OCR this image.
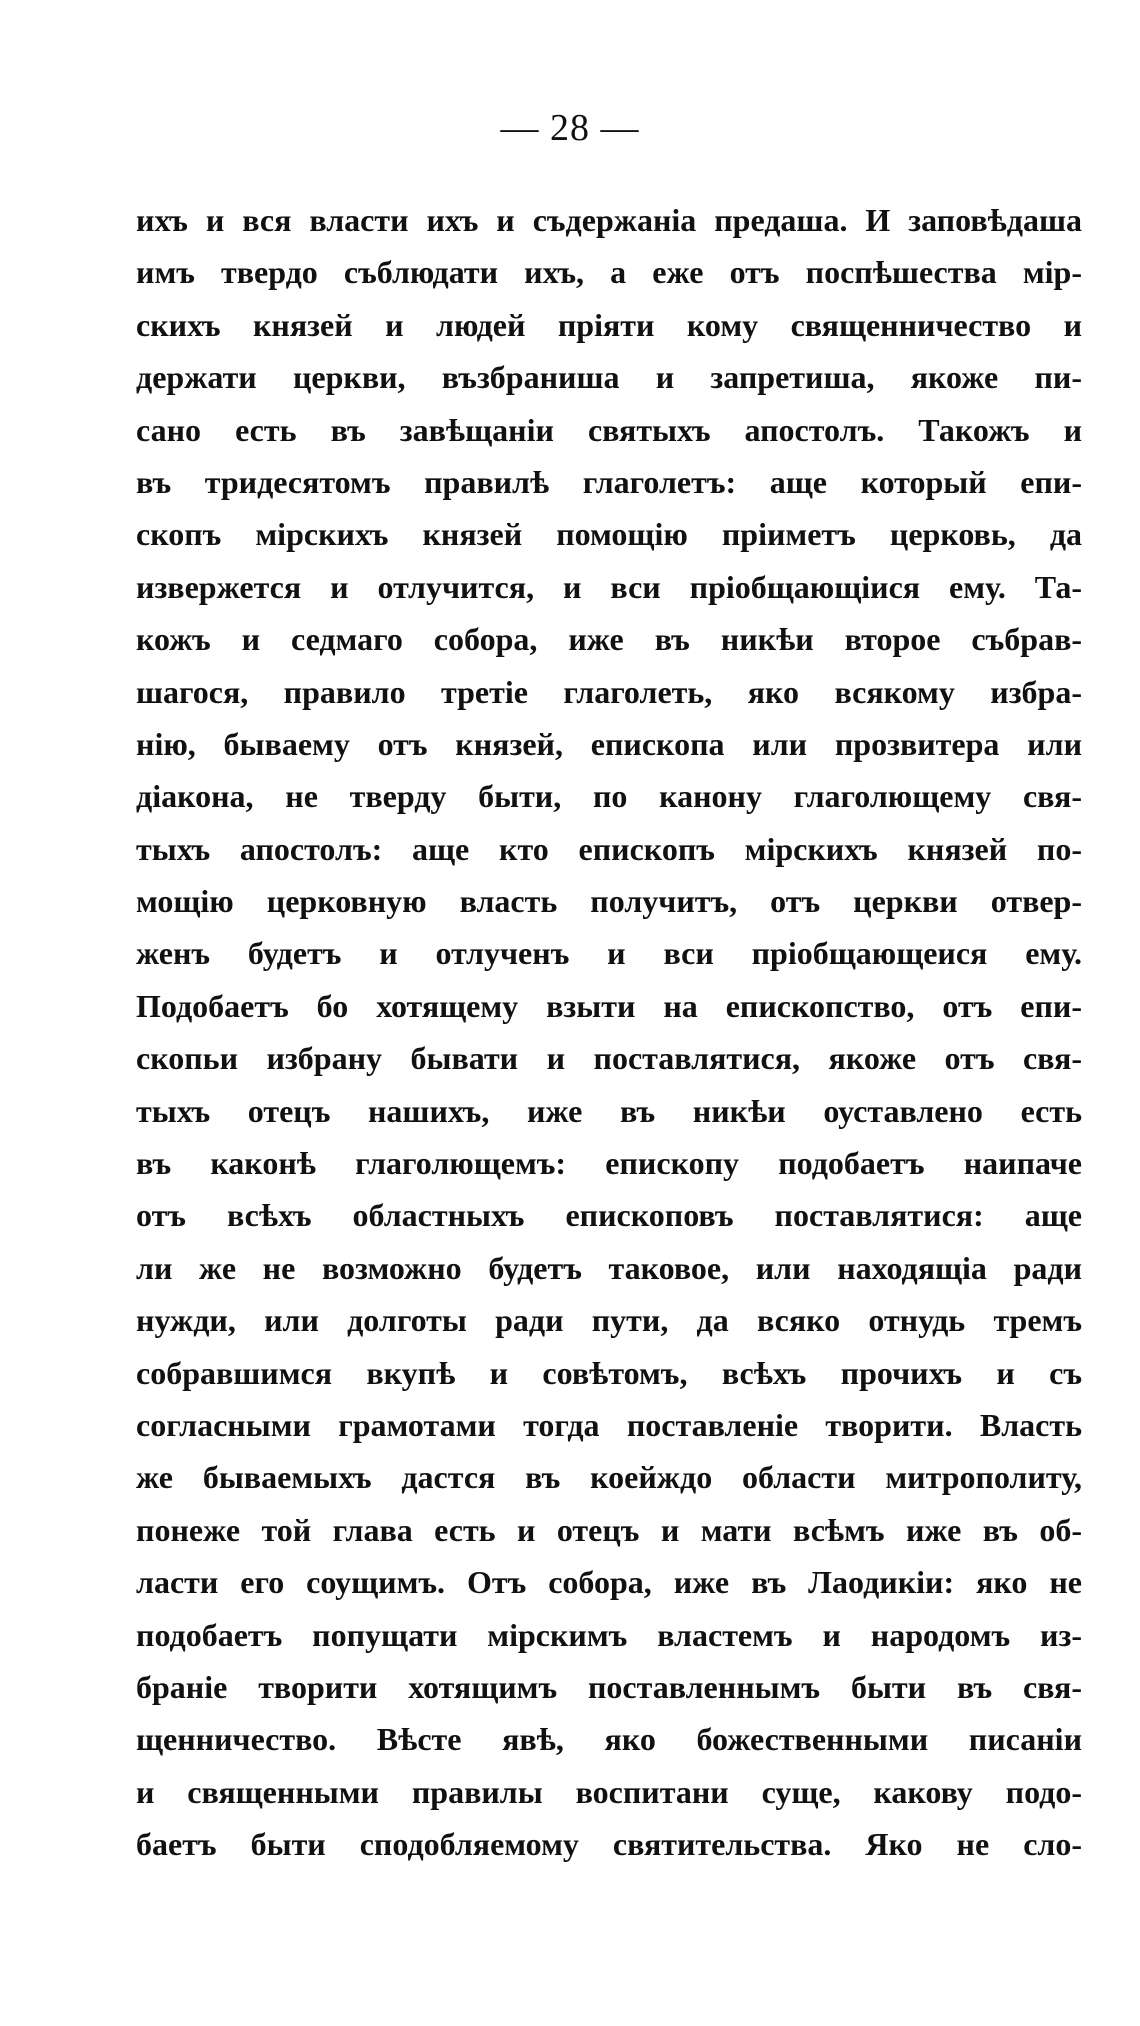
— 28 —
ихъ и вся власти ихъ и съдержаніа предаша. И заповѣдаша
имъ твердо съблюдати ихъ, а еже отъ поспѣшества мір-
скихъ князей и людей пріяти кому священничество и
держати церкви, възбраниша и запретиша, якоже пи-
сано есть въ завѣщаніи святыхъ апостолъ. Такожъ и
въ тридесятомъ правилѣ глаголетъ: аще который епи-
скопъ мірскихъ князей помощію пріиметъ церковь, да
извержется и отлучится, и вси пріобщающіися ему. Та-
кожъ и седмаго собора, иже въ никѣи второе събрав-
шагося, правило третіе глаголеть, яко всякому избра-
нію, бываему отъ князей, епископа или прозвитера или
діакона, не тверду быти, по канону глаголющему свя-
тыхъ апостолъ: аще кто епископъ мірскихъ князей по-
мощію церковную власть получитъ, отъ церкви отвер-
женъ будетъ и отлученъ и вси пріобщающеися ему.
Подобаетъ бо хотящему взыти на епископство, отъ епи-
скопьи избрану бывати и поставлятися, якоже отъ свя-
тыхъ отецъ нашихъ, иже въ никѣи оуставлено есть
въ каконѣ глаголющемъ: епископу подобаетъ наипаче
отъ всѣхъ областныхъ епископовъ поставлятися: аще
ли же не возможно будетъ таковое, или находящіа ради
нужди, или долготы ради пути, да всяко отнудь тремъ
собравшимся вкупѣ и совѣтомъ, всѣхъ прочихъ и съ
согласными грамотами тогда поставленіе творити. Власть
же бываемыхъ дастся въ коейждо области митрополиту,
понеже той глава есть и отецъ и мати всѣмъ иже въ об-
ласти его соущимъ. Отъ собора, иже въ Лаодикіи: яко не
подобаетъ попущати мірскимъ властемъ и народомъ из-
браніе творити хотящимъ поставленнымъ быти въ свя-
щенничество. Вѣсте явѣ, яко божественными писаніи
и священными правилы воспитани суще, какову подо-
баетъ быти сподобляемому святительства. Яко не сло-
